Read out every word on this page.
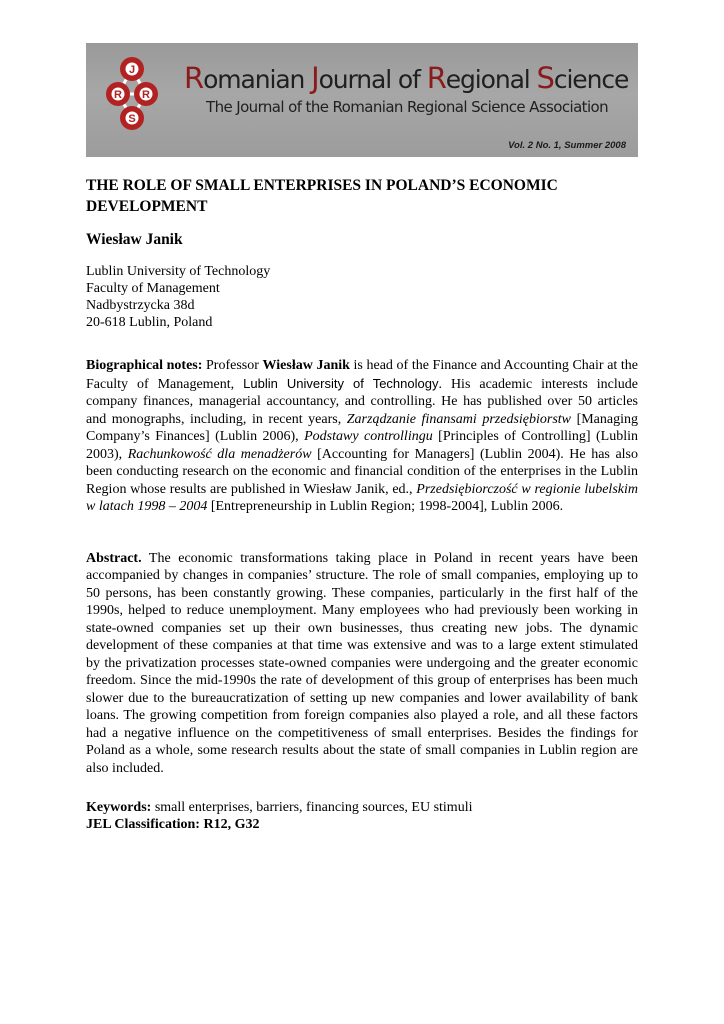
J
R R
S
Romanian Journal of Regional Science
The Journal of the Romanian Regional Science Association
Vol. 2 No. 1, Summer 2008
THE ROLE OF SMALL ENTERPRISES IN POLAND’S ECONOMIC DEVELOPMENT
Wiesław Janik
Lublin University of Technology
Faculty of Management
Nadbystrzycka 38d
20-618 Lublin, Poland

Biographical notes: Professor Wiesław Janik is head of the Finance and Accounting Chair at the Faculty of Management, Lublin University of Technology. His academic interests include company finances, managerial accountancy, and controlling. He has published over 50 articles and monographs, including, in recent years, Zarządzanie finansami przedsiębiorstw [Managing Company’s Finances] (Lublin 2006), Podstawy controllingu [Principles of Controlling] (Lublin 2003), Rachunkowość dla menadżerów [Accounting for Managers] (Lublin 2004). He has also been conducting research on the economic and financial condition of the enterprises in the Lublin Region whose results are published in Wiesław Janik, ed., Przedsiębiorczość w regionie lubelskim w latach 1998 – 2004 [Entrepreneurship in Lublin Region; 1998-2004], Lublin 2006.

Abstract. The economic transformations taking place in Poland in recent years have been accompanied by changes in companies’ structure. The role of small companies, employing up to 50 persons, has been constantly growing. These companies, particularly in the first half of the 1990s, helped to reduce unemployment. Many employees who had previously been working in state-owned companies set up their own businesses, thus creating new jobs. The dynamic development of these companies at that time was extensive and was to a large extent stimulated by the privatization processes state-owned companies were undergoing and the greater economic freedom. Since the mid-1990s the rate of development of this group of enterprises has been much slower due to the bureaucratization of setting up new companies and lower availability of bank loans. The growing competition from foreign companies also played a role, and all these factors had a negative influence on the competitiveness of small enterprises. Besides the findings for Poland as a whole, some research results about the state of small companies in Lublin region are also included.

Keywords: small enterprises, barriers, financing sources, EU stimuli

JEL Classification: R12, G32
